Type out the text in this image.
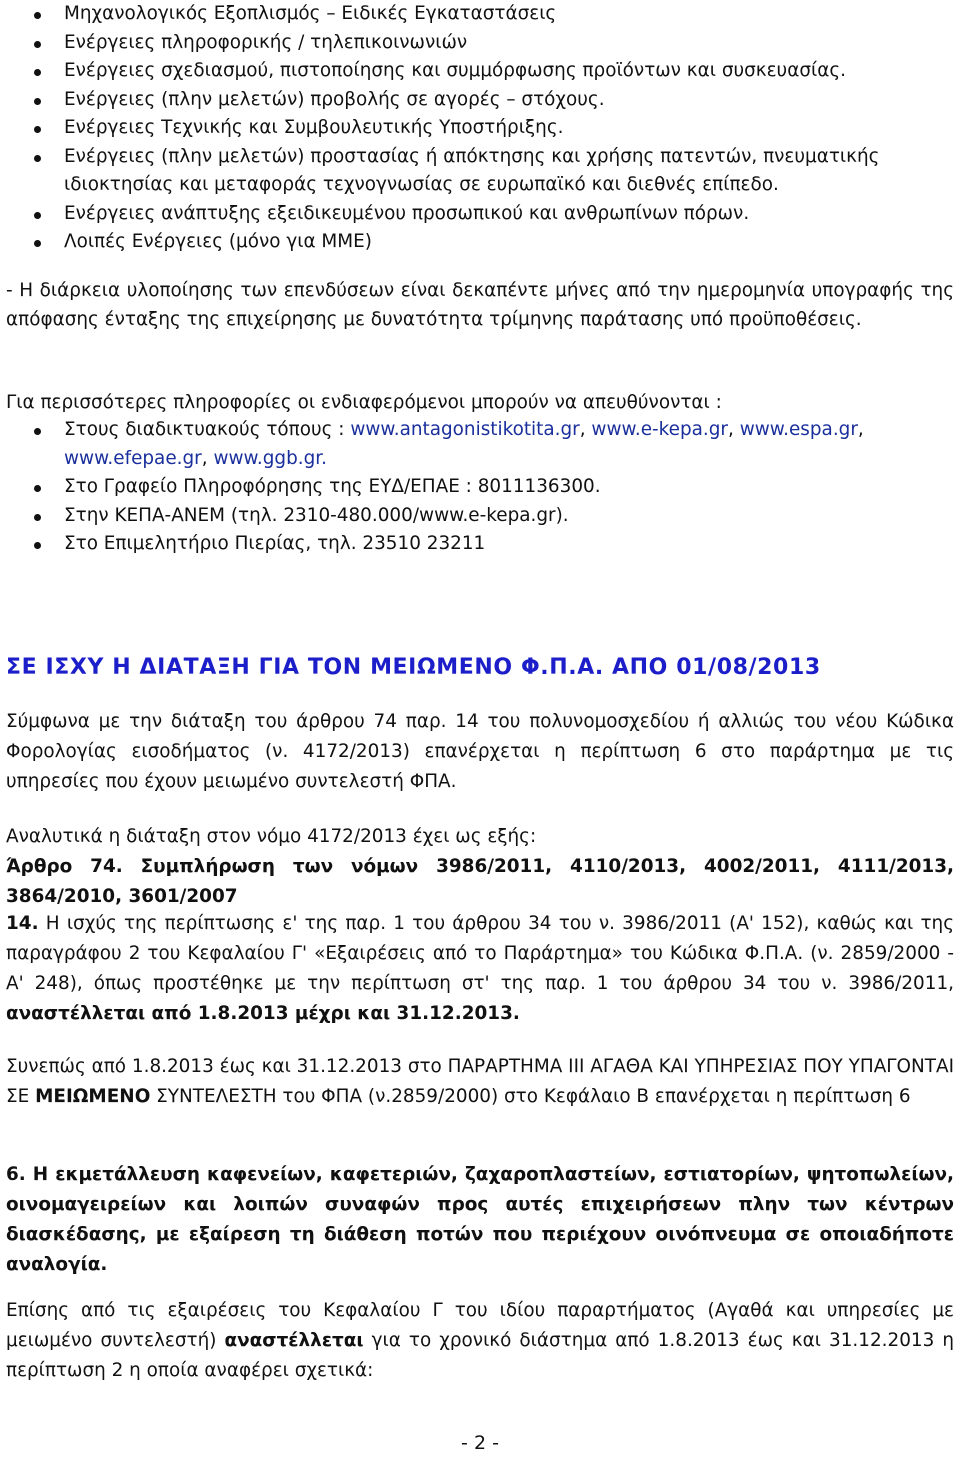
Μηχανολογικός Εξοπλισμός – Ειδικές Εγκαταστάσεις
Ενέργειες πληροφορικής / τηλεπικοινωνιών
Ενέργειες σχεδιασμού, πιστοποίησης και συμμόρφωσης προϊόντων και συσκευασίας.
Ενέργειες (πλην μελετών) προβολής σε αγορές – στόχους.
Ενέργειες Τεχνικής και Συμβουλευτικής Υποστήριξης.
Ενέργειες (πλην μελετών) προστασίας ή απόκτησης και χρήσης πατεντών, πνευματικής ιδιοκτησίας και μεταφοράς τεχνογνωσίας σε ευρωπαϊκό και διεθνές επίπεδο.
Ενέργειες ανάπτυξης εξειδικευμένου προσωπικού και ανθρωπίνων πόρων.
Λοιπές Ενέργειες (μόνο για ΜΜΕ)

- Η διάρκεια υλοποίησης των επενδύσεων είναι δεκαπέντε μήνες από την ημερομηνία υπογραφής της απόφασης ένταξης της επιχείρησης με δυνατότητα τρίμηνης παράτασης υπό προϋποθέσεις.

Για περισσότερες πληροφορίες οι ενδιαφερόμενοι μπορούν να απευθύνονται :

Στους διαδικτυακούς τόπους : www.antagonistikotita.gr, www.e-kepa.gr, www.espa.gr, www.efepae.gr, www.ggb.gr.
Στο Γραφείο Πληροφόρησης της ΕΥΔ/ΕΠΑΕ : 8011136300.
Στην ΚΕΠΑ-ΑΝΕΜ (τηλ. 2310-480.000/www.e-kepa.gr).
Στο Επιμελητήριο Πιερίας, τηλ. 23510 23211
ΣΕ ΙΣΧΥ Η ΔΙΑΤΑΞΗ ΓΙΑ ΤΟΝ ΜΕΙΩΜΕΝΟ Φ.Π.Α. ΑΠΟ 01/08/2013

Σύμφωνα με την διάταξη του άρθρου 74 παρ. 14 του πολυνομοσχεδίου ή αλλιώς του νέου Κώδικα Φορολογίας εισοδήματος (ν. 4172/2013) επανέρχεται η περίπτωση 6 στο παράρτημα με τις υπηρεσίες που έχουν μειωμένο συντελεστή ΦΠΑ.

Αναλυτικά η διάταξη στον νόμο 4172/2013 έχει ως εξής:

Άρθρο 74. Συμπλήρωση των νόμων 3986/2011, 4110/2013, 4002/2011, 4111/2013, 3864/2010, 3601/2007

14. Η ισχύς της περίπτωσης ε' της παρ. 1 του άρθρου 34 του ν. 3986/2011 (Α' 152), καθώς και της παραγράφου 2 του Κεφαλαίου Γ' «Εξαιρέσεις από το Παράρτημα» του Κώδικα Φ.Π.Α. (ν. 2859/2000 - Α' 248), όπως προστέθηκε με την περίπτωση στ' της παρ. 1 του άρθρου 34 του ν. 3986/2011, αναστέλλεται από 1.8.2013 μέχρι και 31.12.2013.

Συνεπώς από 1.8.2013 έως και 31.12.2013 στο ΠΑΡΑΡΤΗΜΑ ΙΙΙ ΑΓΑΘΑ ΚΑΙ ΥΠΗΡΕΣΙΑΣ ΠΟΥ ΥΠΑΓΟΝΤΑΙ ΣΕ ΜΕΙΩΜΕΝΟ ΣΥΝΤΕΛΕΣΤΗ του ΦΠΑ (ν.2859/2000) στο Κεφάλαιο Β επανέρχεται η περίπτωση 6

6. Η εκμετάλλευση καφενείων, καφετεριών, ζαχαροπλαστείων, εστιατορίων, ψητοπωλείων, οινομαγειρείων και λοιπών συναφών προς αυτές επιχειρήσεων πλην των κέντρων διασκέδασης, με εξαίρεση τη διάθεση ποτών που περιέχουν οινόπνευμα σε οποιαδήποτε αναλογία.

Επίσης από τις εξαιρέσεις του Κεφαλαίου Γ του ιδίου παραρτήματος (Αγαθά και υπηρεσίες με μειωμένο συντελεστή) αναστέλλεται για το χρονικό διάστημα από 1.8.2013 έως και 31.12.2013 η περίπτωση 2 η οποία αναφέρει σχετικά:

- 2 -
